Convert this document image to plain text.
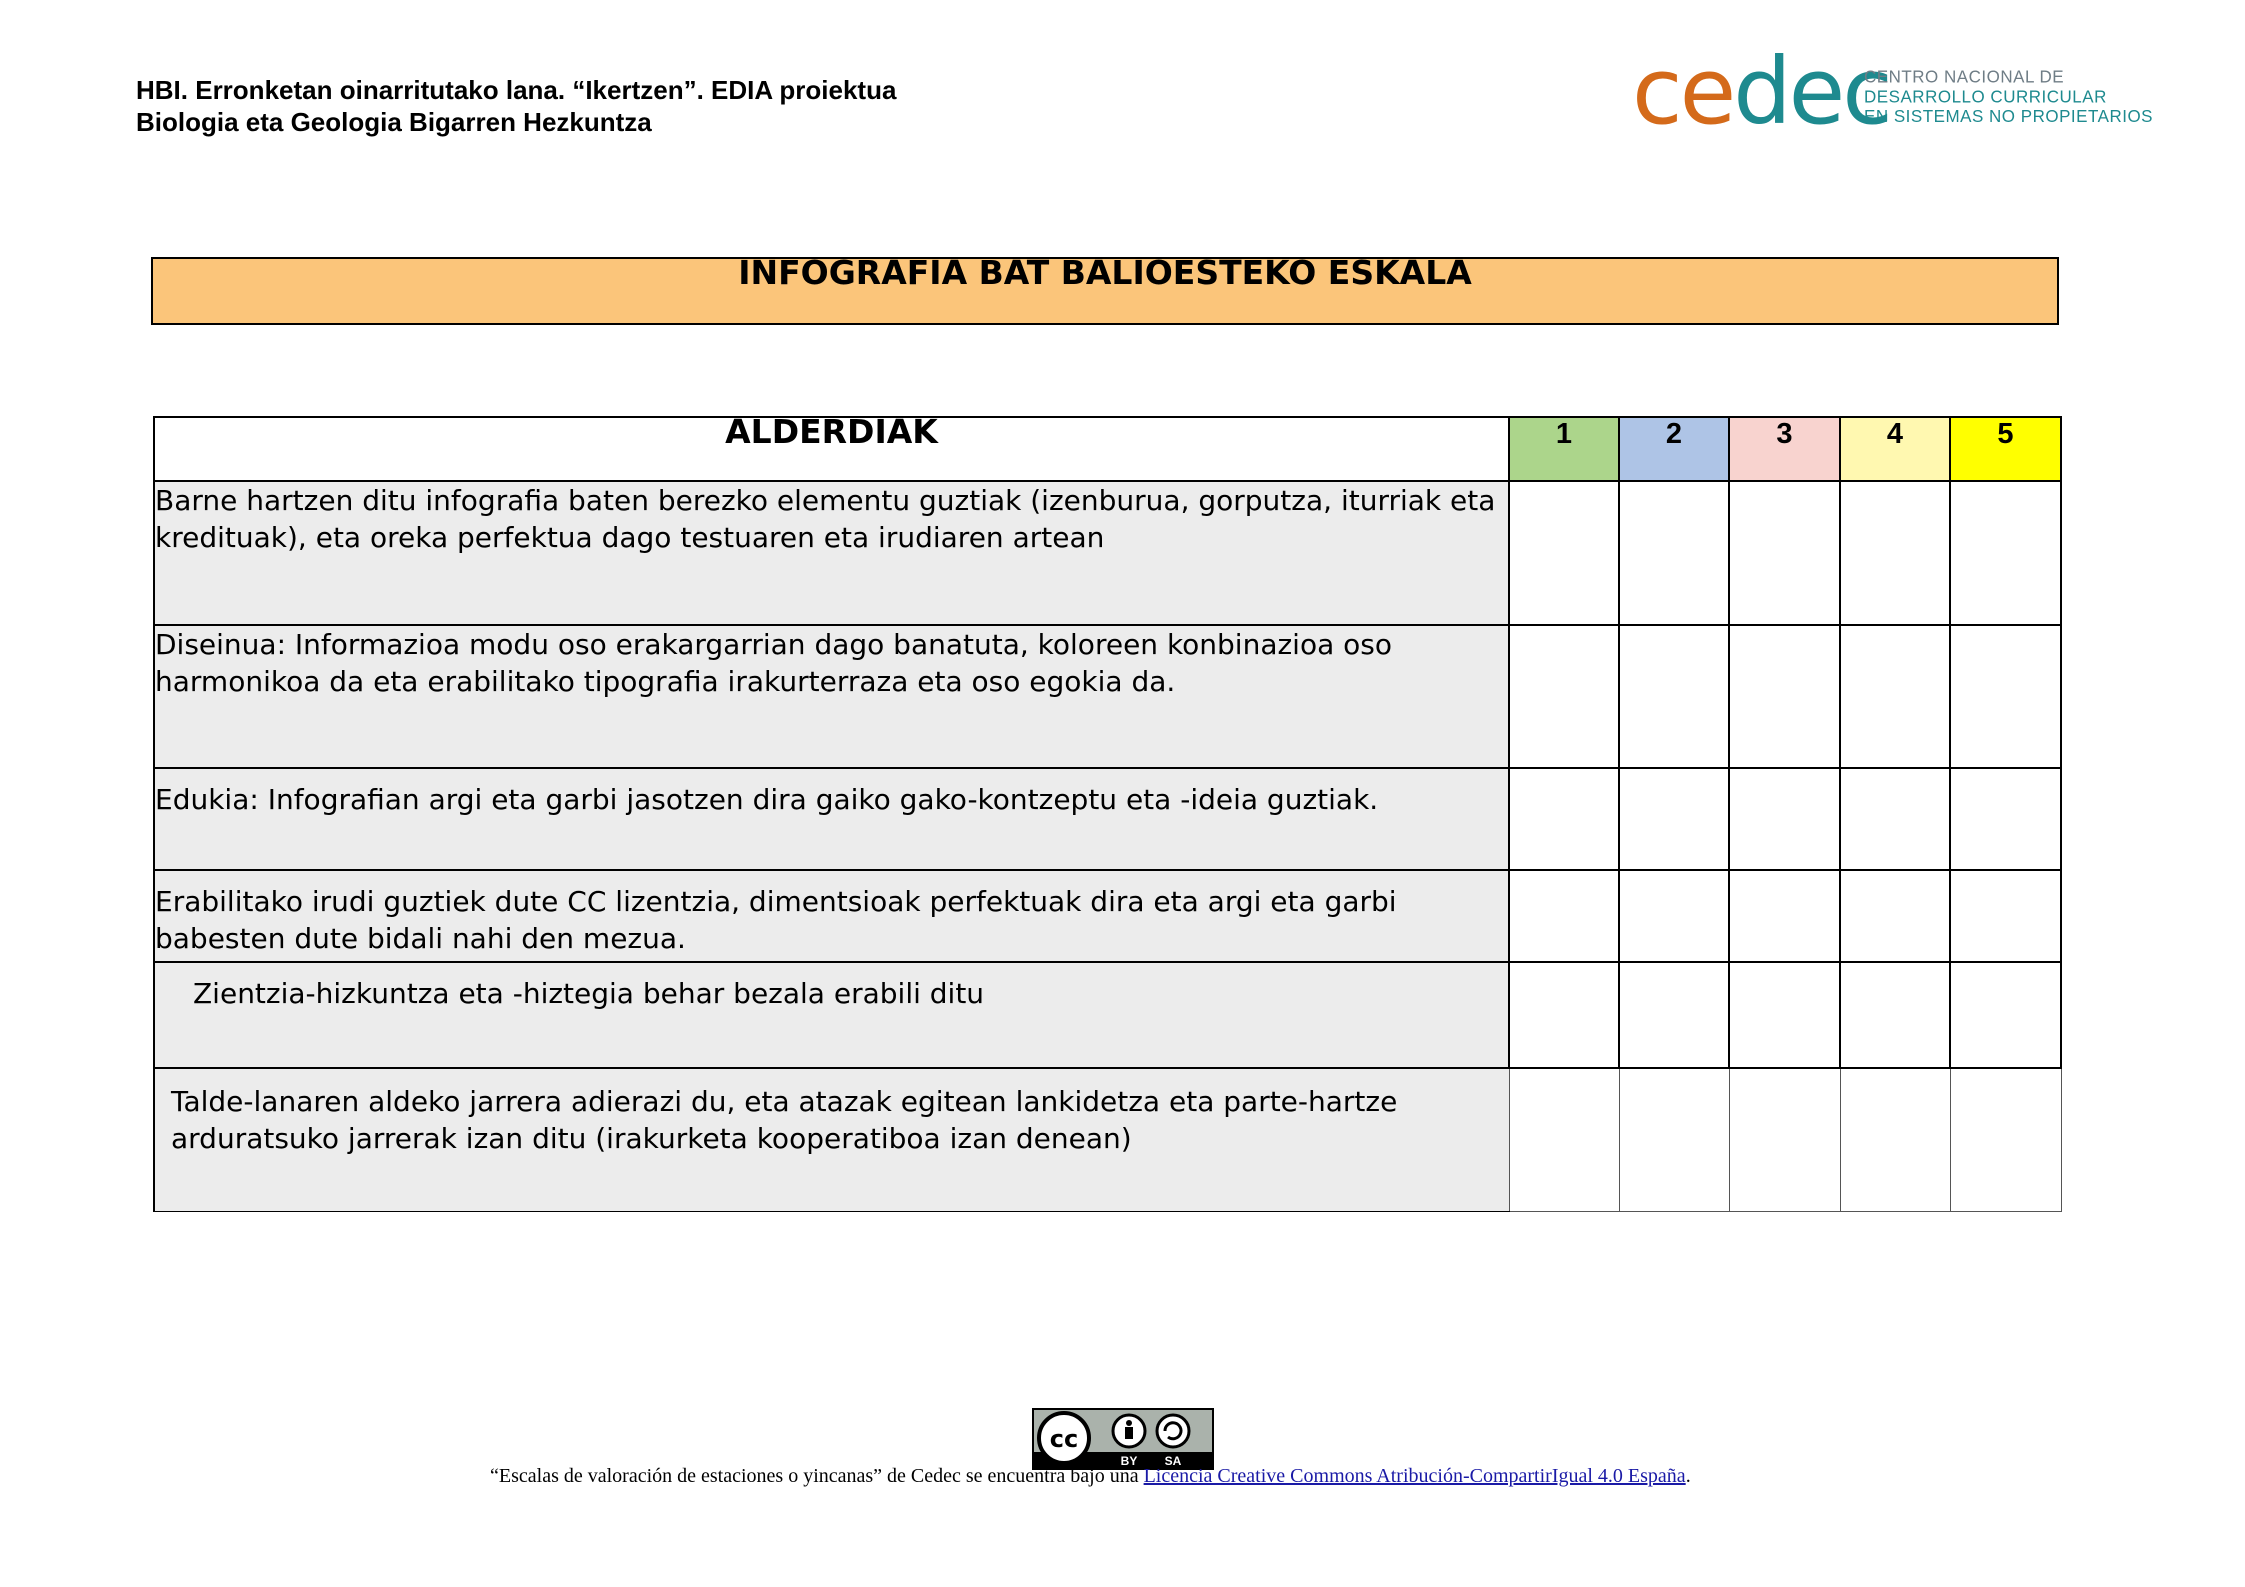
HBI. Erronketan oinarritutako lana. “Ikertzen”. EDIA proiektua
Biologia eta Geologia Bigarren Hezkuntza	cedec
CENTRO NACIONAL DE
DESARROLLO CURRICULAR
EN SISTEMAS NO PROPIETARIOS
INFOGRAFIA BAT BALIOESTEKO ESKALA
ALDERDIAK	1	2	3	4	5
Barne hartzen ditu infografia baten berezko elementu guztiak (izenburua, gorputza, iturriak eta kredituak), eta oreka perfektua dago testuaren eta irudiaren artean					
Diseinua: Informazioa modu oso erakargarrian dago banatuta, koloreen konbinazioa oso harmonikoa da eta erabilitako tipografia irakurterraza eta oso egokia da.					
Edukia: Infografian argi eta garbi jasotzen dira gaiko gako-kontzeptu eta -ideia guztiak.					
Erabilitako irudi guztiek dute CC lizentzia, dimentsioak perfektuak dira eta argi eta garbi babesten dute bidali nahi den mezua.					
Zientzia-hizkuntza eta -hiztegia behar bezala erabili ditu					
Talde-lanaren aldeko jarrera adierazi du, eta atazak egitean lankidetza eta parte-hartze arduratsuko jarrerak izan ditu (irakurketa kooperatiboa izan denean)					
cc
BY SA
“Escalas de valoración de estaciones o yincanas” de Cedec se encuentra bajo una Licencia Creative Commons Atribución-CompartirIgual 4.0 España.
